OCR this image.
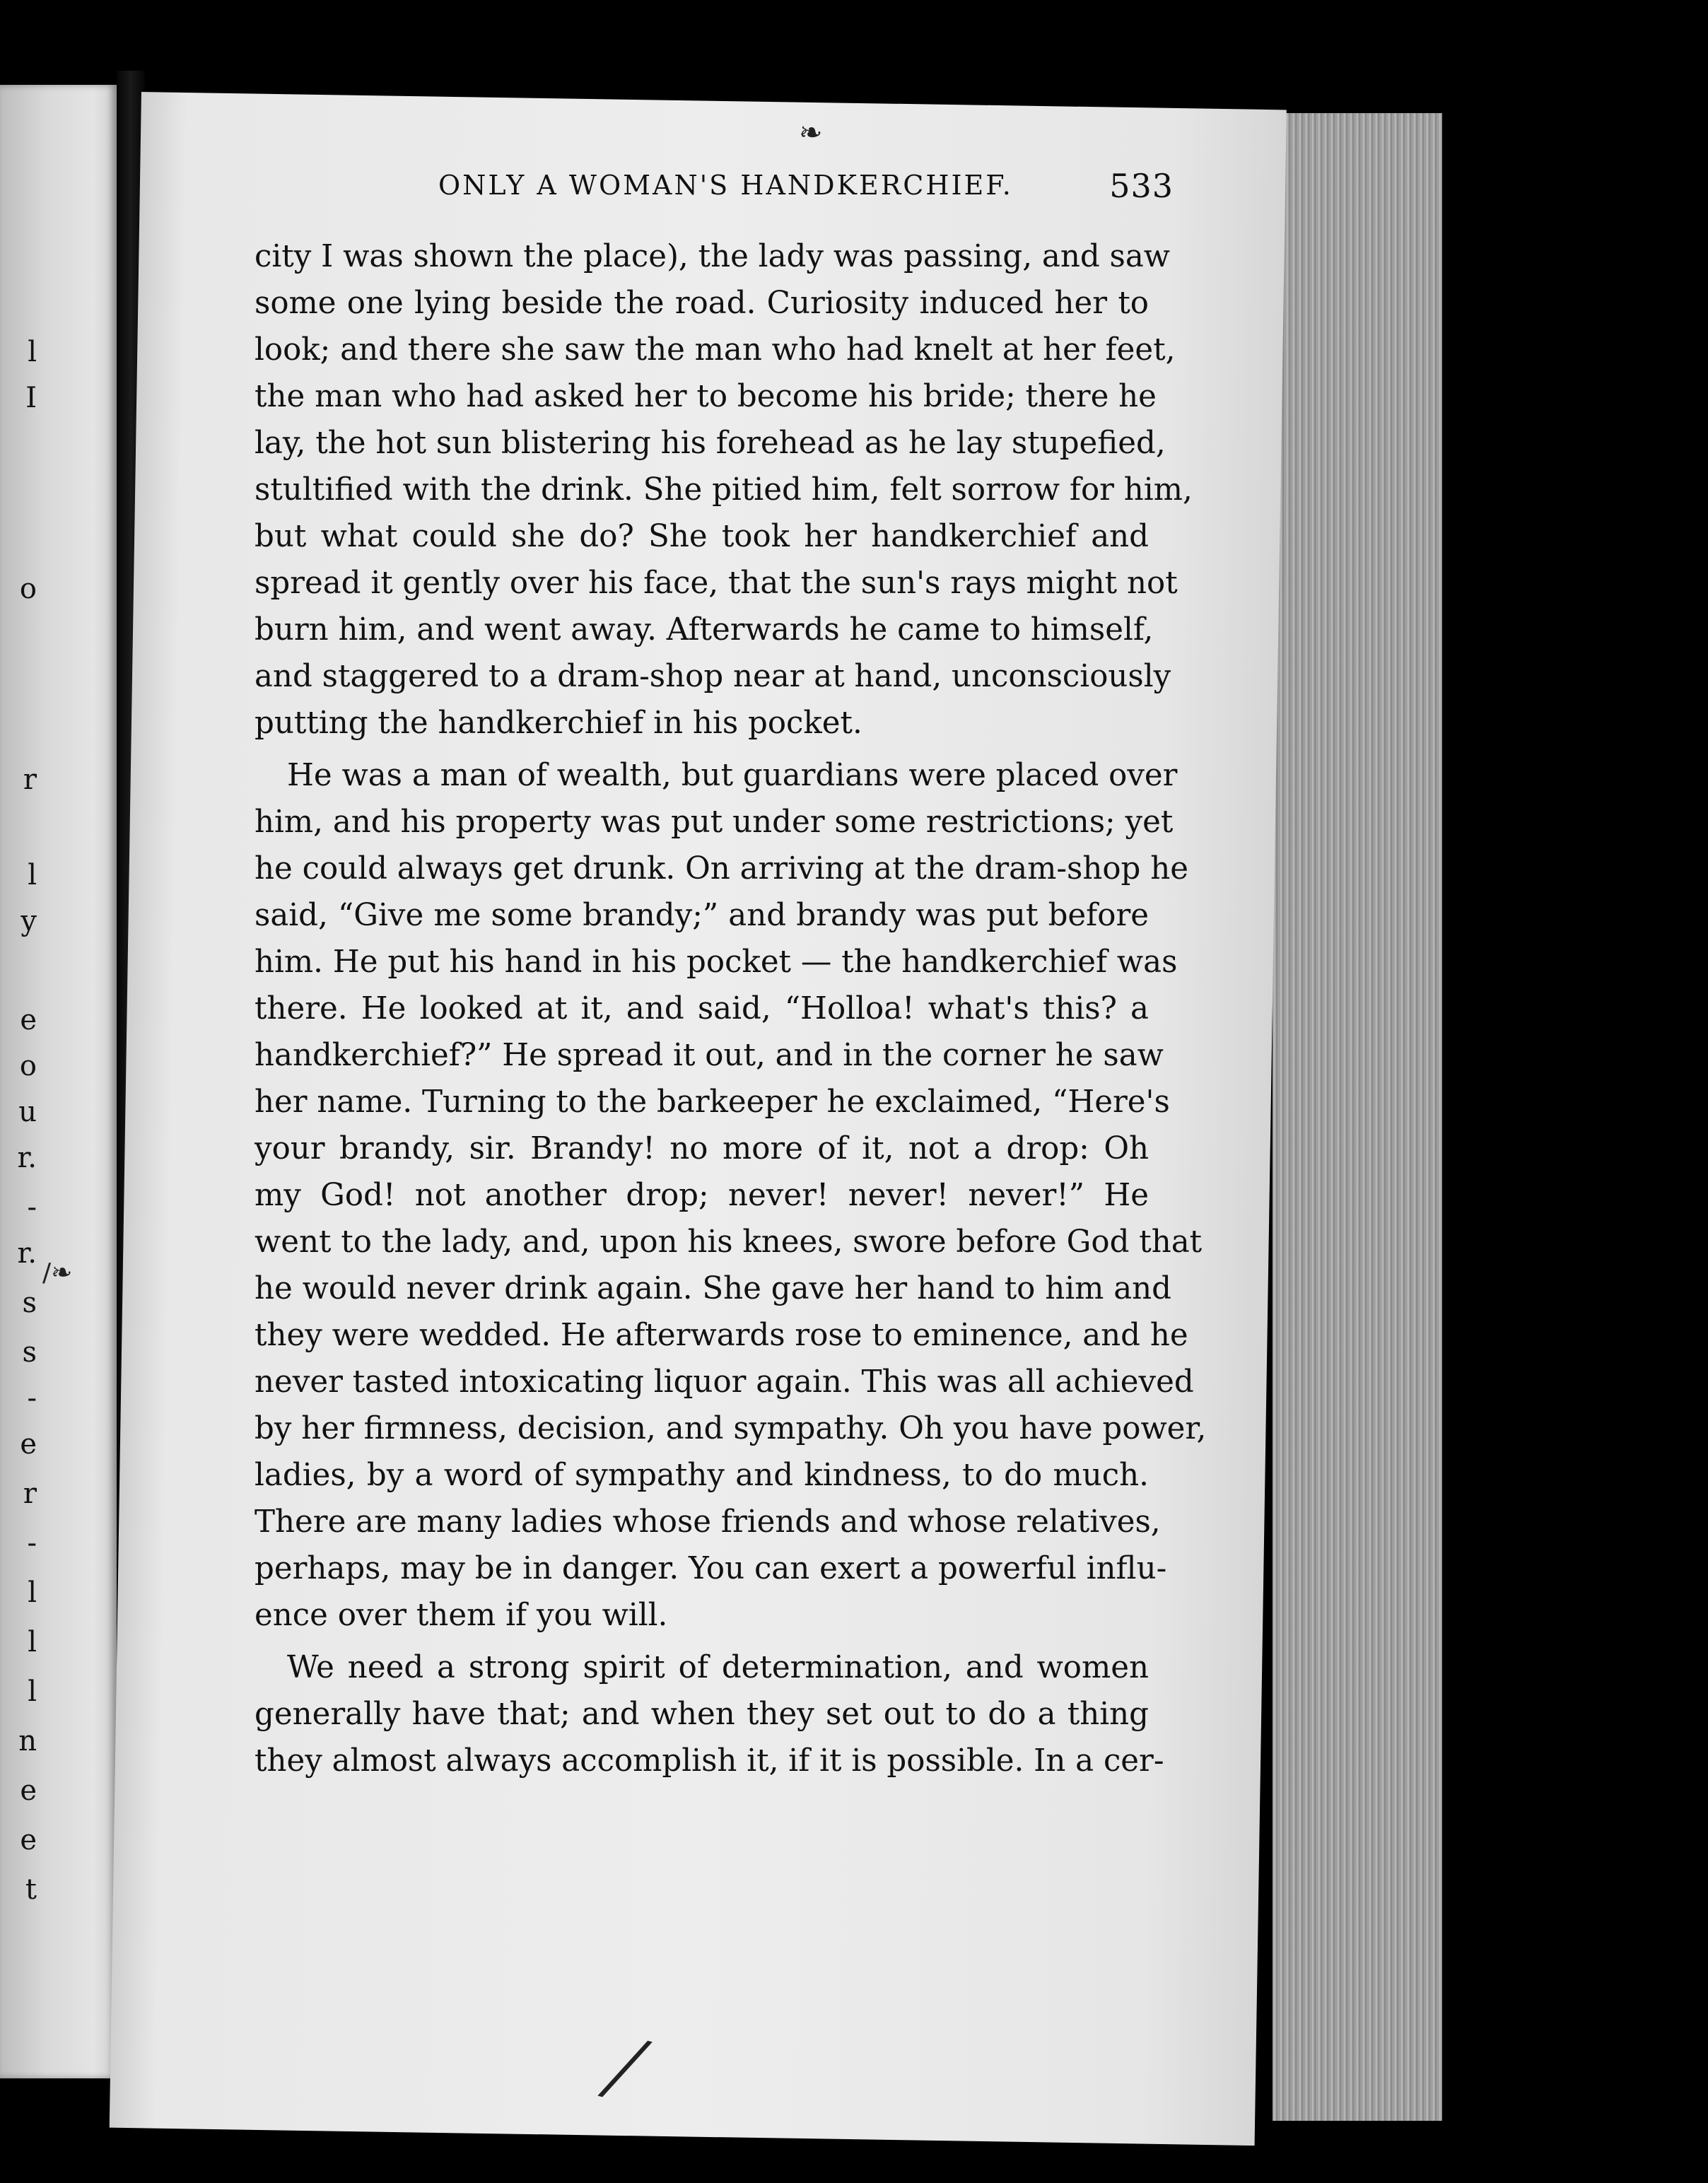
l
I
o
r
l
y
e
o
u
r.
-
r.
s
s
-
e
r
-
l
l
l
n
e
e
t
ONLY A WOMAN'S HANDKERCHIEF.	533
city I was shown the place), the lady was passing, and saw
some one lying beside the road. Curiosity induced her to
look; and there she saw the man who had knelt at her feet,
the man who had asked her to become his bride; there he
lay, the hot sun blistering his forehead as he lay stupefied,
stultified with the drink. She pitied him, felt sorrow for him,
but what could she do? She took her handkerchief and
spread it gently over his face, that the sun's rays might not
burn him, and went away. Afterwards he came to himself,
and staggered to a dram-shop near at hand, unconsciously
putting the handkerchief in his pocket.
He was a man of wealth, but guardians were placed over
him, and his property was put under some restrictions; yet
he could always get drunk. On arriving at the dram-shop he
said, “Give me some brandy;” and brandy was put before
him. He put his hand in his pocket — the handkerchief was
there. He looked at it, and said, “Holloa! what's this? a
handkerchief?” He spread it out, and in the corner he saw
her name. Turning to the barkeeper he exclaimed, “Here's
your brandy, sir. Brandy! no more of it, not a drop: Oh
my God! not another drop; never! never! never!” He
went to the lady, and, upon his knees, swore before God that
he would never drink again. She gave her hand to him and
they were wedded. He afterwards rose to eminence, and he
never tasted intoxicating liquor again. This was all achieved
by her firmness, decision, and sympathy. Oh you have power,
ladies, by a word of sympathy and kindness, to do much.
There are many ladies whose friends and whose relatives,
perhaps, may be in danger. You can exert a powerful influ-
ence over them if you will.
We need a strong spirit of determination, and women
generally have that; and when they set out to do a thing
they almost always accomplish it, if it is possible. In a cer-
❧
╱
/❧
